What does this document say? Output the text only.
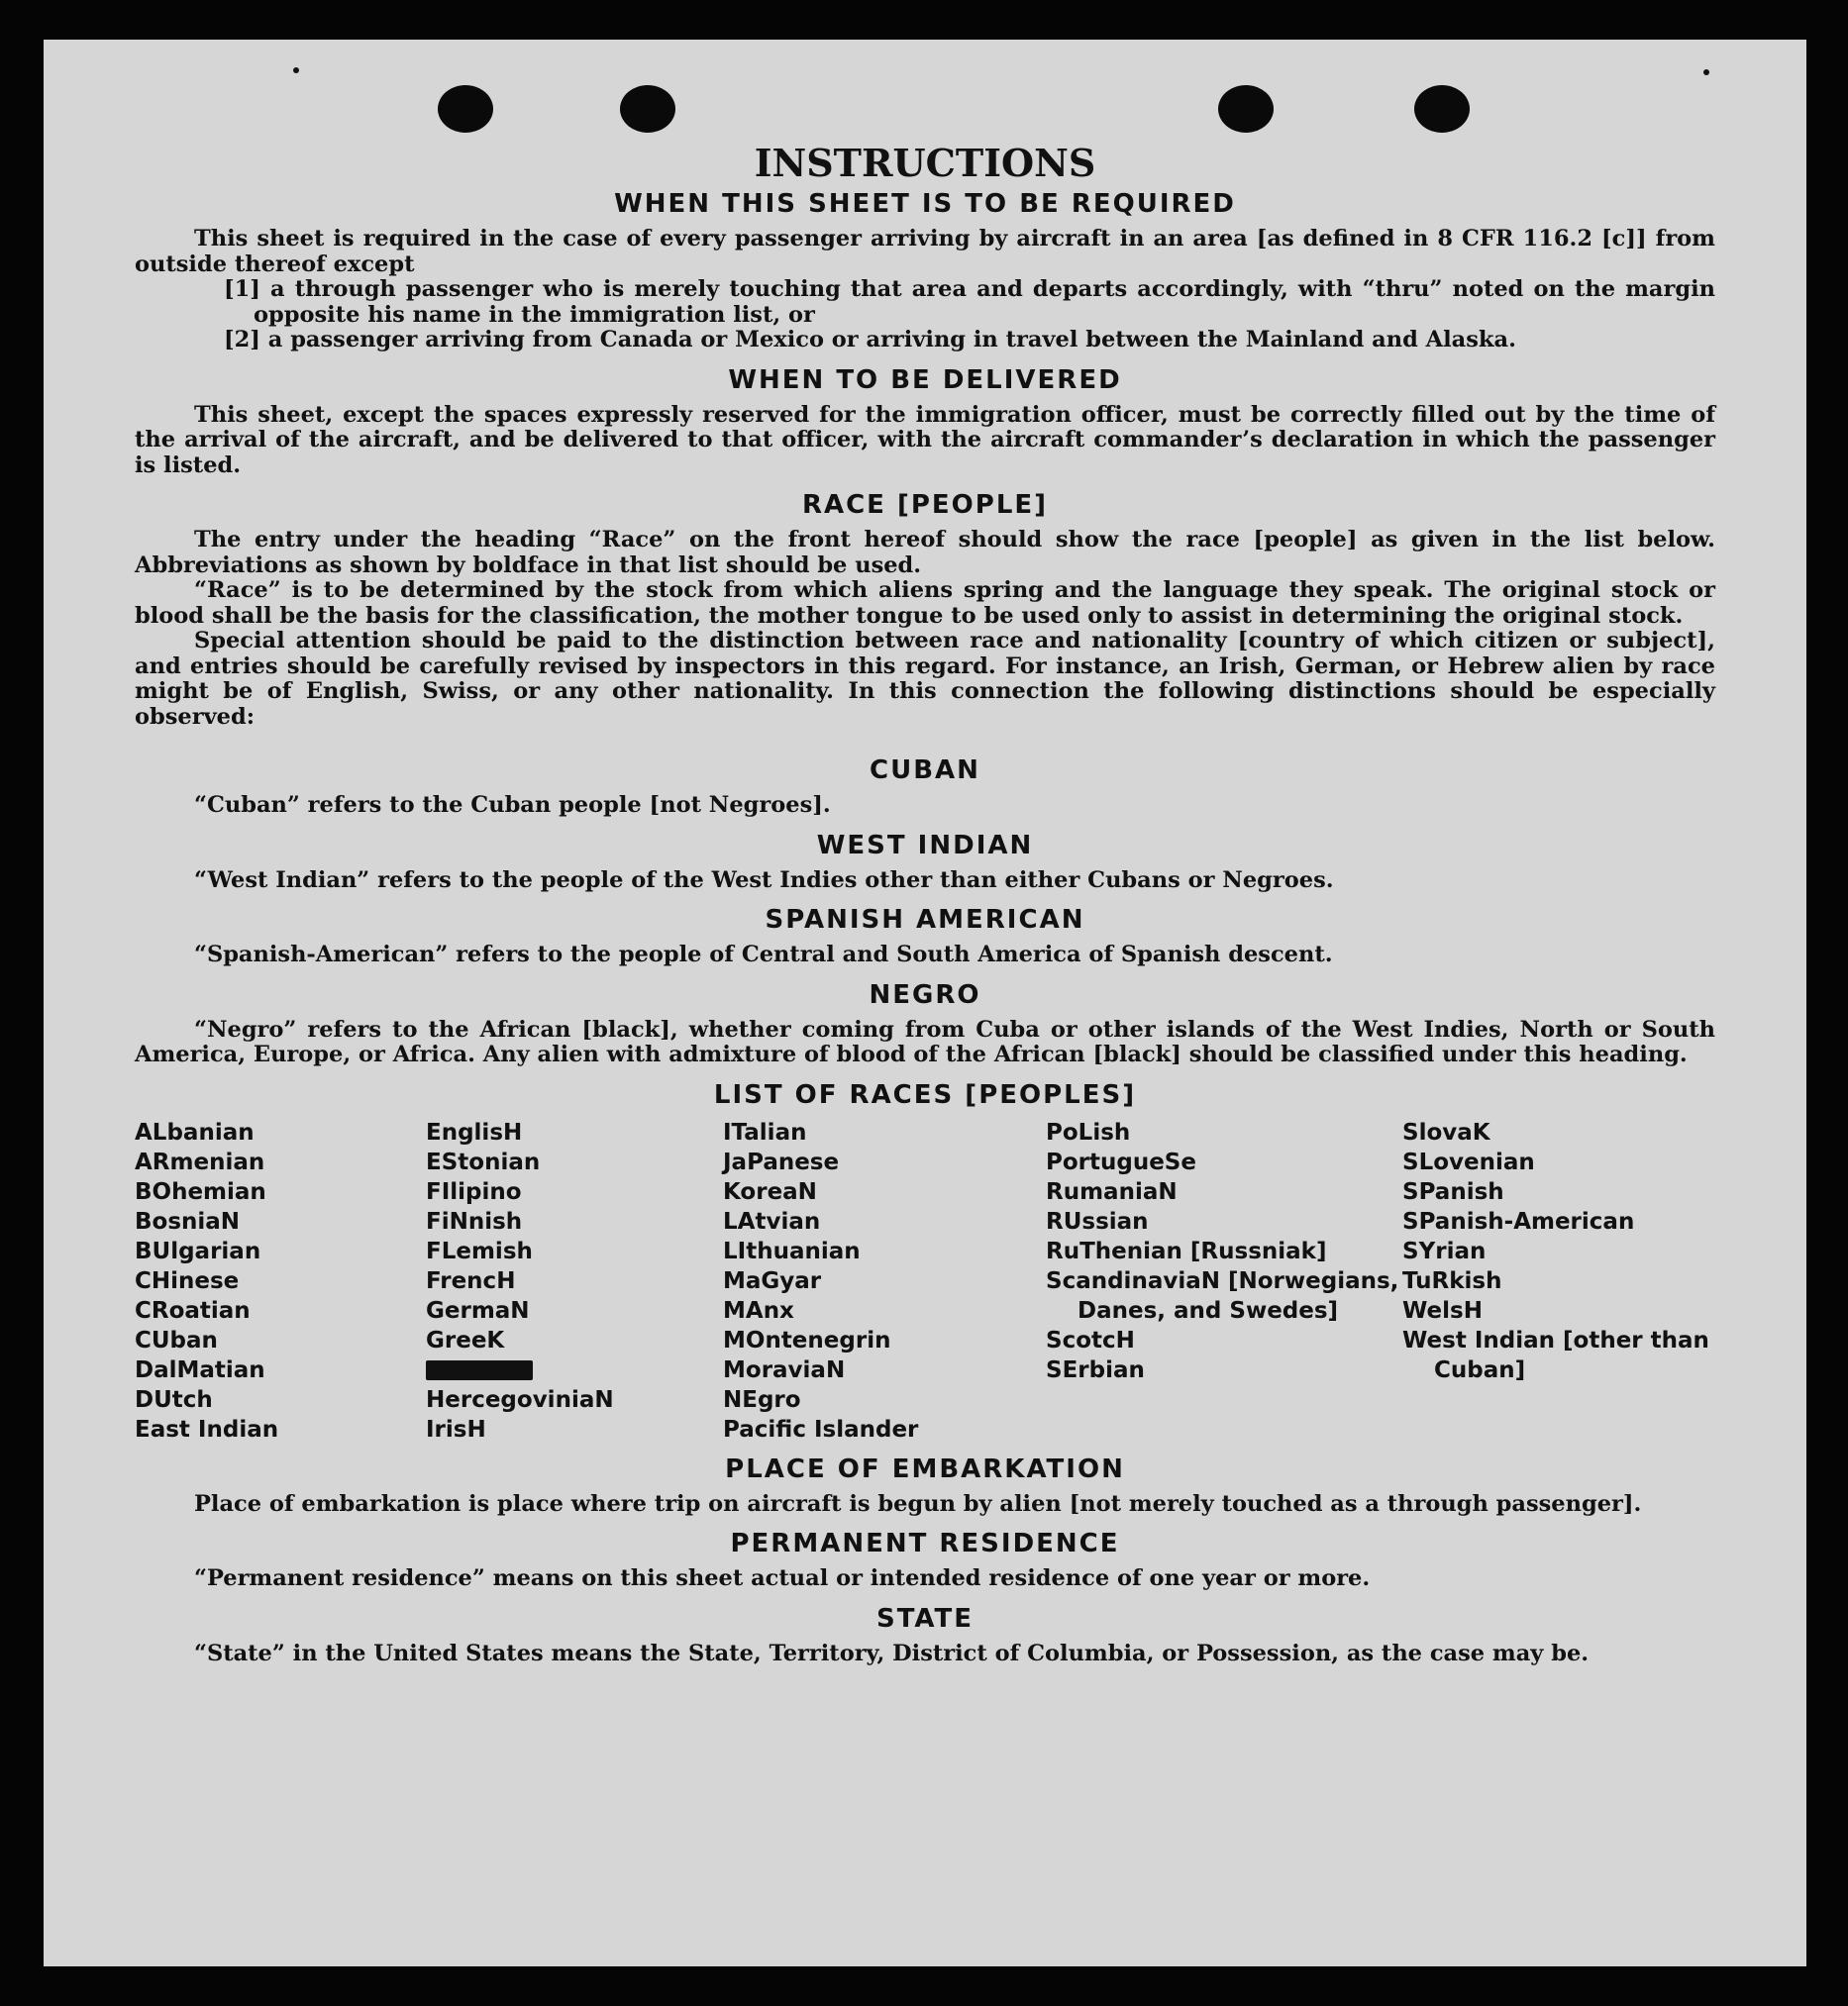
INSTRUCTIONS
WHEN THIS SHEET IS TO BE REQUIRED

This sheet is required in the case of every passenger arriving by aircraft in an area [as defined in 8 CFR 116.2 [c]] from outside thereof except

[1] a through passenger who is merely touching that area and departs accordingly, with “thru” noted on the margin opposite his name in the immigration list, or

[2] a passenger arriving from Canada or Mexico or arriving in travel between the Mainland and Alaska.

WHEN TO BE DELIVERED

This sheet, except the spaces expressly reserved for the immigration officer, must be correctly filled out by the time of the arrival of the aircraft, and be delivered to that officer, with the aircraft commander’s declaration in which the passenger is listed.

RACE [PEOPLE]

The entry under the heading “Race” on the front hereof should show the race [people] as given in the list below. Abbreviations as shown by boldface in that list should be used.

“Race” is to be determined by the stock from which aliens spring and the language they speak. The original stock or blood shall be the basis for the classification, the mother tongue to be used only to assist in determining the original stock.

Special attention should be paid to the distinction between race and nationality [country of which citizen or subject], and entries should be carefully revised by inspectors in this regard. For instance, an Irish, German, or Hebrew alien by race might be of English, Swiss, or any other nationality. In this connection the following distinctions should be especially observed:

CUBAN

“Cuban” refers to the Cuban people [not Negroes].

WEST INDIAN

“West Indian” refers to the people of the West Indies other than either Cubans or Negroes.

SPANISH AMERICAN

“Spanish-American” refers to the people of Central and South America of Spanish descent.

NEGRO

“Negro” refers to the African [black], whether coming from Cuba or other islands of the West Indies, North or South America, Europe, or Africa. Any alien with admixture of blood of the African [black] should be classified under this heading.

LIST OF RACES [PEOPLES]
ALbanian
ARmenian
BOhemian
BosniaN
BUlgarian
CHinese
CRoatian
CUban
DalMatian
DUtch
East Indian
EnglisH
EStonian
FIlipino
FiNnish
FLemish
FrencH
GermaN
GreeK
HercegoviniaN
IrisH
ITalian
JaPanese
KoreaN
LAtvian
LIthuanian
MaGyar
MAnx
MOntenegrin
MoraviaN
NEgro
Pacific Islander
PoLish
PortugueSe
RumaniaN
RUssian
RuThenian [Russniak]
ScandinaviaN [Norwegians, Danes, and Swedes]
ScotcH
SErbian
SlovaK
SLovenian
SPanish
SPanish-American
SYrian
TuRkish
WelsH
West Indian [other than Cuban]
PLACE OF EMBARKATION

Place of embarkation is place where trip on aircraft is begun by alien [not merely touched as a through passenger].

PERMANENT RESIDENCE

“Permanent residence” means on this sheet actual or intended residence of one year or more.

STATE

“State” in the United States means the State, Territory, District of Columbia, or Possession, as the case may be.
